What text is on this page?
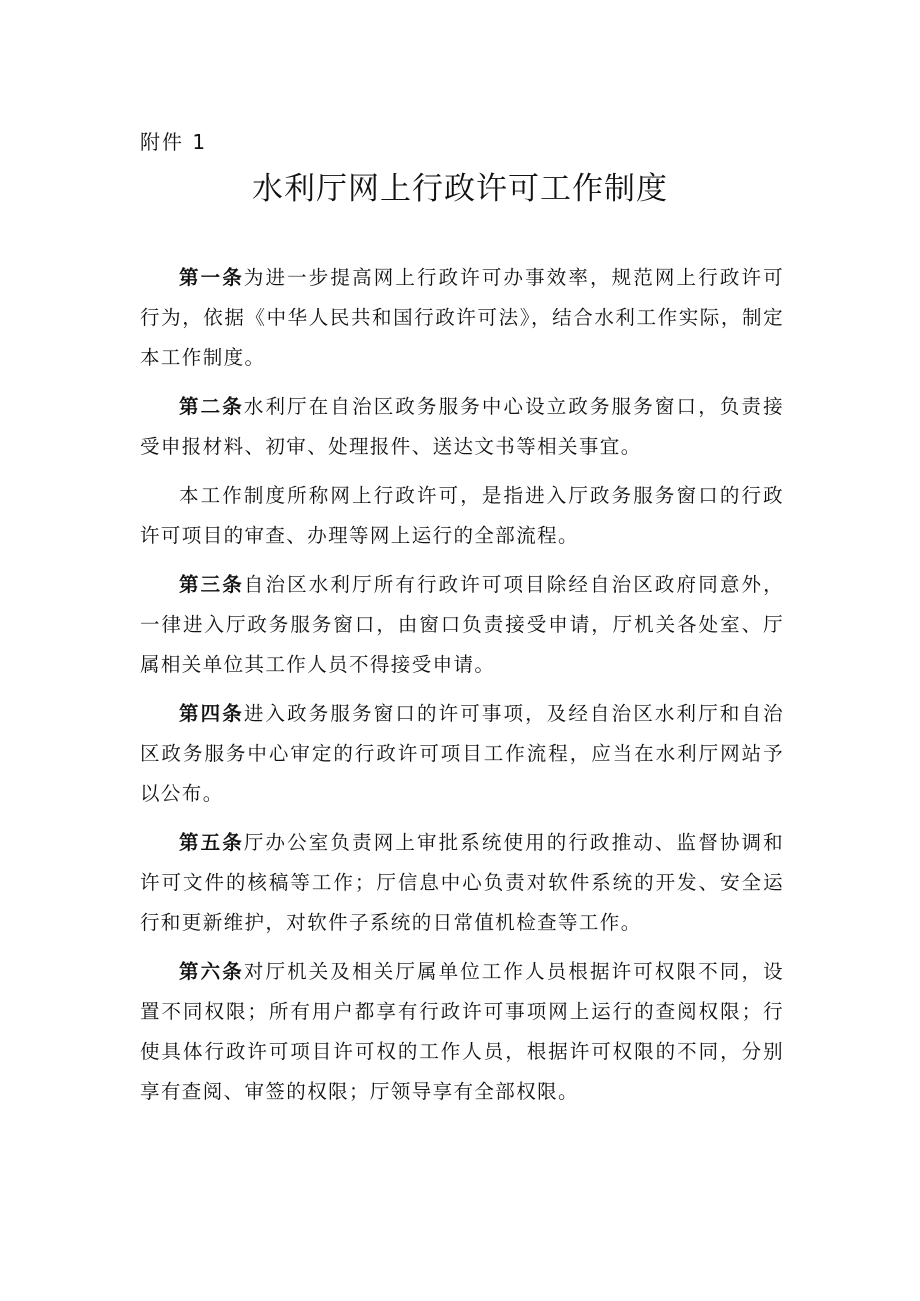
附件 1
水利厅网上行政许可工作制度

第一条为进一步提高网上行政许可办事效率，规范网上行政许可行为，依据《中华人民共和国行政许可法》，结合水利工作实际，制定本工作制度。

第二条水利厅在自治区政务服务中心设立政务服务窗口，负责接受申报材料、初审、处理报件、送达文书等相关事宜。

本工作制度所称网上行政许可，是指进入厅政务服务窗口的行政许可项目的审查、办理等网上运行的全部流程。

第三条自治区水利厅所有行政许可项目除经自治区政府同意外，一律进入厅政务服务窗口，由窗口负责接受申请，厅机关各处室、厅属相关单位其工作人员不得接受申请。

第四条进入政务服务窗口的许可事项，及经自治区水利厅和自治区政务服务中心审定的行政许可项目工作流程，应当在水利厅网站予以公布。

第五条厅办公室负责网上审批系统使用的行政推动、监督协调和许可文件的核稿等工作；厅信息中心负责对软件系统的开发、安全运行和更新维护，对软件子系统的日常值机检查等工作。

第六条对厅机关及相关厅属单位工作人员根据许可权限不同，设置不同权限；所有用户都享有行政许可事项网上运行的查阅权限；行使具体行政许可项目许可权的工作人员，根据许可权限的不同，分别享有查阅、审签的权限；厅领导享有全部权限。
